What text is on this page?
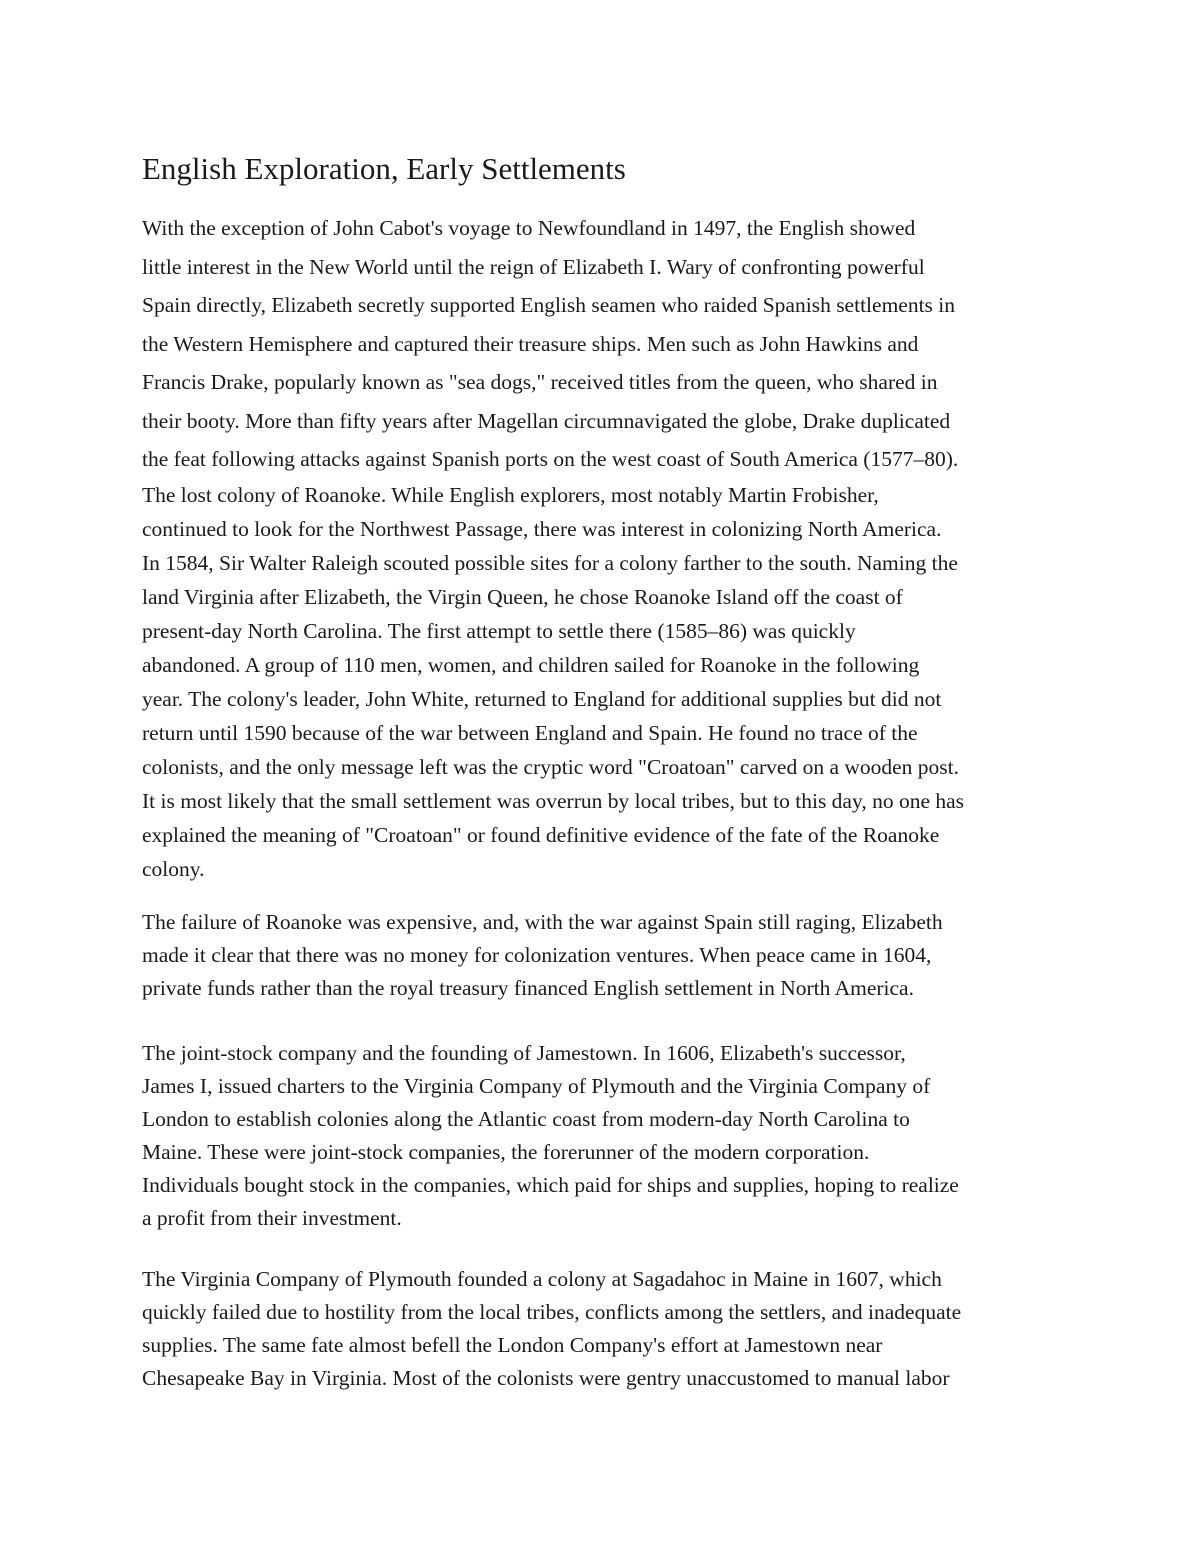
English Exploration, Early Settlements

With the exception of John Cabot's voyage to Newfoundland in 1497, the English showed
little interest in the New World until the reign of Elizabeth I. Wary of confronting powerful
Spain directly, Elizabeth secretly supported English seamen who raided Spanish settlements in
the Western Hemisphere and captured their treasure ships. Men such as John Hawkins and
Francis Drake, popularly known as "sea dogs," received titles from the queen, who shared in
their booty. More than fifty years after Magellan circumnavigated the globe, Drake duplicated
the feat following attacks against Spanish ports on the west coast of South America (1577–80).

The lost colony of Roanoke. While English explorers, most notably Martin Frobisher,
continued to look for the Northwest Passage, there was interest in colonizing North America.
In 1584, Sir Walter Raleigh scouted possible sites for a colony farther to the south. Naming the
land Virginia after Elizabeth, the Virgin Queen, he chose Roanoke Island off the coast of
present-day North Carolina. The first attempt to settle there (1585–86) was quickly
abandoned. A group of 110 men, women, and children sailed for Roanoke in the following
year. The colony's leader, John White, returned to England for additional supplies but did not
return until 1590 because of the war between England and Spain. He found no trace of the
colonists, and the only message left was the cryptic word "Croatoan" carved on a wooden post.
It is most likely that the small settlement was overrun by local tribes, but to this day, no one has
explained the meaning of "Croatoan" or found definitive evidence of the fate of the Roanoke
colony.

The failure of Roanoke was expensive, and, with the war against Spain still raging, Elizabeth
made it clear that there was no money for colonization ventures. When peace came in 1604,
private funds rather than the royal treasury financed English settlement in North America.

The joint-stock company and the founding of Jamestown. In 1606, Elizabeth's successor,
James I, issued charters to the Virginia Company of Plymouth and the Virginia Company of
London to establish colonies along the Atlantic coast from modern-day North Carolina to
Maine. These were joint-stock companies, the forerunner of the modern corporation.
Individuals bought stock in the companies, which paid for ships and supplies, hoping to realize
a profit from their investment.

The Virginia Company of Plymouth founded a colony at Sagadahoc in Maine in 1607, which
quickly failed due to hostility from the local tribes, conflicts among the settlers, and inadequate
supplies. The same fate almost befell the London Company's effort at Jamestown near
Chesapeake Bay in Virginia. Most of the colonists were gentry unaccustomed to manual labor
